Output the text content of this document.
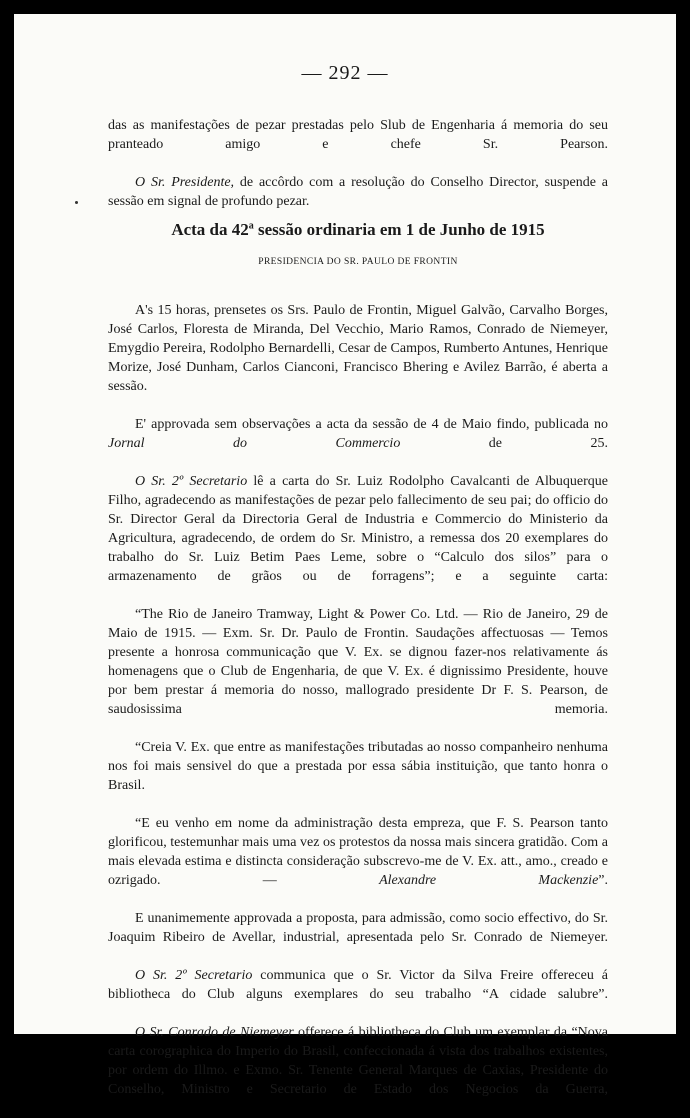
— 292 —

das as manifestações de pezar prestadas pelo Slub de Engenharia á memoria do seu pranteado amigo e chefe Sr. Pearson.

O Sr. Presidente, de accôrdo com a resolução do Conselho Director, suspende a sessão em signal de profundo pezar.

Acta da 42$^a$ sessão ordinaria em 1 de Junho de 1915
PRESIDENCIA DO SR. PAULO DE FRONTIN

A's 15 horas, prensetes os Srs. Paulo de Frontin, Miguel Galvão, Carvalho Borges, José Carlos, Floresta de Miranda, Del Vecchio, Mario Ramos, Conrado de Niemeyer, Emygdio Pereira, Rodolpho Bernardelli, Cesar de Campos, Rumberto Antunes, Henrique Morize, José Dunham, Carlos Cianconi, Francisco Bhering e Avilez Barrão, é aberta a sessão.

E' approvada sem observações a acta da sessão de 4 de Maio findo, publicada no Jornal do Commercio de 25.

O Sr. 2º Secretario lê a carta do Sr. Luiz Rodolpho Cavalcanti de Albuquerque Filho, agradecendo as manifestações de pezar pelo fallecimento de seu pai; do officio do Sr. Director Geral da Directoria Geral de Industria e Commercio do Ministerio da Agricultura, agradecendo, de ordem do Sr. Ministro, a remessa dos 20 exemplares do trabalho do Sr. Luiz Betim Paes Leme, sobre o “Calculo dos silos” para o armazenamento de grãos ou de forragens”; e a seguinte carta:

“The Rio de Janeiro Tramway, Light & Power Co. Ltd. — Rio de Janeiro, 29 de Maio de 1915. — Exm. Sr. Dr. Paulo de Frontin. Saudações affectuosas — Temos presente a honrosa communicação que V. Ex. se dignou fazer-nos relativamente ás homenagens que o Club de Engenharia, de que V. Ex. é dignissimo Presidente, houve por bem prestar á memoria do nosso, mallogrado presidente Dr F. S. Pearson, de saudosissima memoria.

“Creia V. Ex. que entre as manifestações tributadas ao nosso companheiro nenhuma nos foi mais sensivel do que a prestada por essa sábia instituição, que tanto honra o Brasil.

“E eu venho em nome da administração desta empreza, que F. S. Pearson tanto glorificou, testemunhar mais uma vez os protestos da nossa mais sincera gratidão. Com a mais elevada estima e distincta consideração subscrevo-me de V. Ex. att., amo., creado e ozrigado. — Alexandre Mackenzie”.

E unanimemente approvada a proposta, para admissão, como socio effectivo, do Sr. Joaquim Ribeiro de Avellar, industrial, apresentada pelo Sr. Conrado de Niemeyer.

O Sr. 2º Secretario communica que o Sr. Victor da Silva Freire offereceu á bibliotheca do Club alguns exemplares do seu trabalho “A cidade salubre”.

O Sr. Conrado de Niemeyer offerece á bibliotheca do Club um exemplar da “Nova carta corographica do Imperio do Brasil, confeccionada á vista dos trabalhos existentes, por ordem do Illmo. e Exmo. Sr. Tenente General Marques de Caxias, Presidente do Conselho, Ministro e Secretario de Estado dos Negocios da Guerra,
